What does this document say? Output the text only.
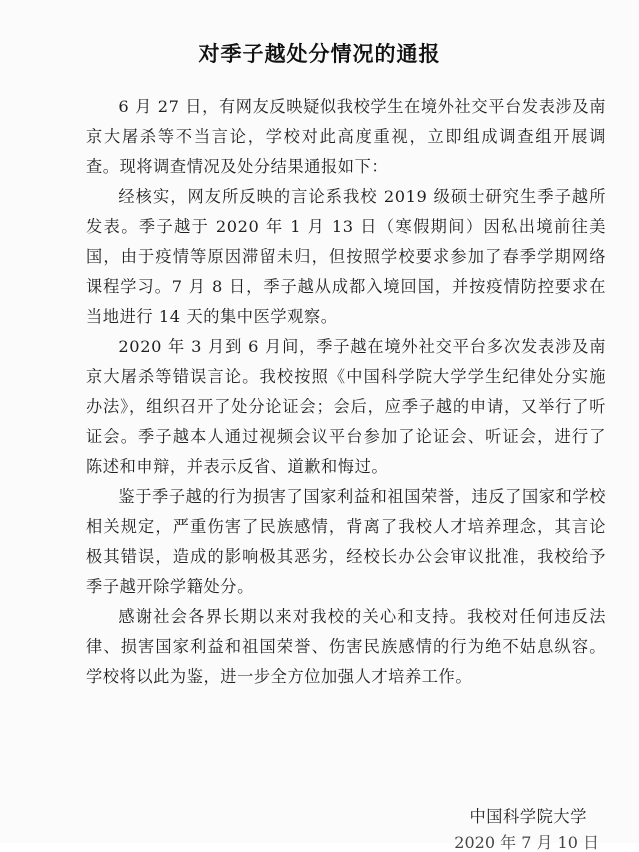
对季子越处分情况的通报

6 月 27 日，有网友反映疑似我校学生在境外社交平台发表涉及南京大屠杀等不当言论，学校对此高度重视，立即组成调查组开展调查。现将调查情况及处分结果通报如下：

经核实，网友所反映的言论系我校 2019 级硕士研究生季子越所发表。季子越于 2020 年 1 月 13 日（寒假期间）因私出境前往美国，由于疫情等原因滞留未归，但按照学校要求参加了春季学期网络课程学习。7 月 8 日，季子越从成都入境回国，并按疫情防控要求在当地进行 14 天的集中医学观察。

2020 年 3 月到 6 月间，季子越在境外社交平台多次发表涉及南京大屠杀等错误言论。我校按照《中国科学院大学学生纪律处分实施办法》，组织召开了处分论证会；会后，应季子越的申请，又举行了听证会。季子越本人通过视频会议平台参加了论证会、听证会，进行了陈述和申辩，并表示反省、道歉和悔过。

鉴于季子越的行为损害了国家利益和祖国荣誉，违反了国家和学校相关规定，严重伤害了民族感情，背离了我校人才培养理念，其言论极其错误，造成的影响极其恶劣，经校长办公会审议批准，我校给予季子越开除学籍处分。

感谢社会各界长期以来对我校的关心和支持。我校对任何违反法律、损害国家利益和祖国荣誉、伤害民族感情的行为绝不姑息纵容。学校将以此为鉴，进一步全方位加强人才培养工作。

中国科学院大学
2020 年 7 月 10 日
